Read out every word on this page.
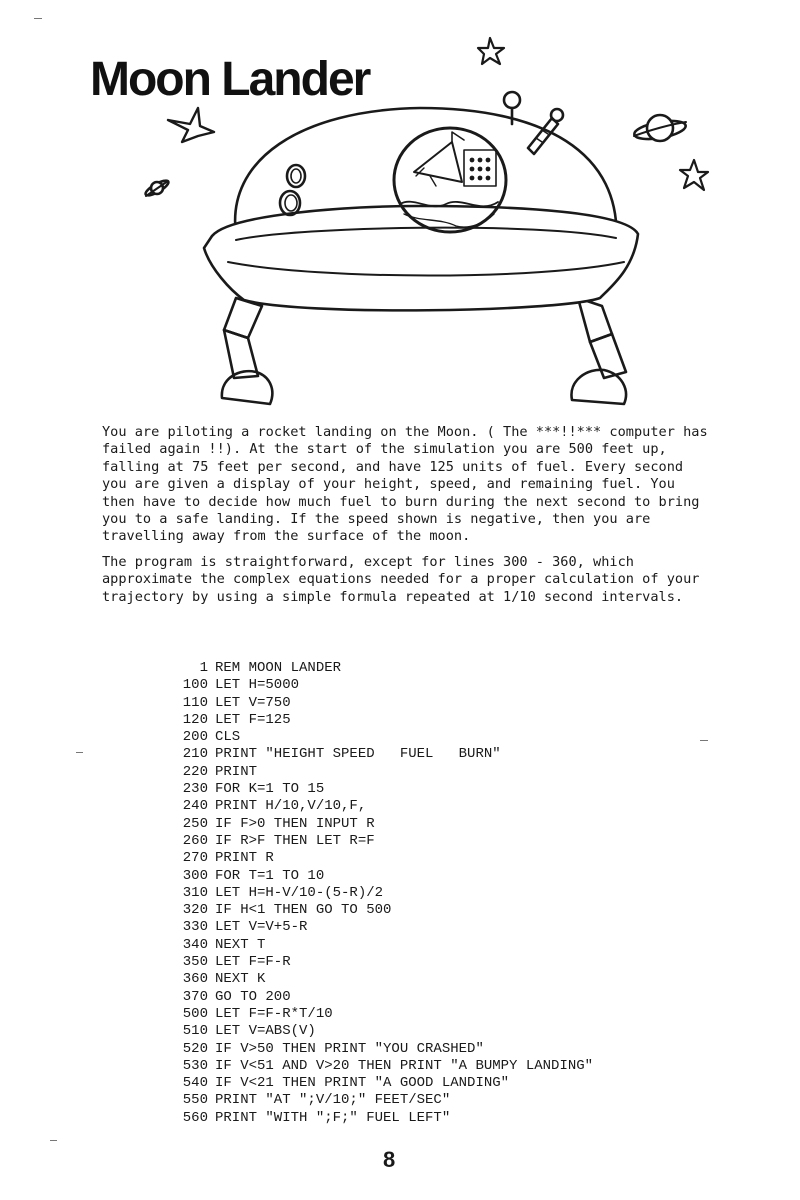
Moon Lander

You are piloting a rocket landing on the Moon. ( The ***!!*** computer has failed again !!). At the start of the simulation you are 500 feet up, falling at 75 feet per second, and have 125 units of fuel. Every second you are given a display of your height, speed, and remaining fuel. You then have to decide how much fuel to burn during the next second to bring you to a safe landing. If the speed shown is negative, then you are travelling away from the surface of the moon.

The program is straightforward, except for lines 300 - 360, which approximate the complex equations needed for a proper calculation of your trajectory by using a simple formula repeated at 1/10 second intervals.

1 REM MOON LANDER
100 LET H=5000
110 LET V=750
120 LET F=125
200 CLS
210 PRINT "HEIGHT SPEED   FUEL   BURN"
220 PRINT
230 FOR K=1 TO 15
240 PRINT H/10,V/10,F,
250 IF F>0 THEN INPUT R
260 IF R>F THEN LET R=F
270 PRINT R
300 FOR T=1 TO 10
310 LET H=H-V/10-(5-R)/2
320 IF H<1 THEN GO TO 500
330 LET V=V+5-R
340 NEXT T
350 LET F=F-R
360 NEXT K
370 GO TO 200
500 LET F=F-R*T/10
510 LET V=ABS(V)
520 IF V>50 THEN PRINT "YOU CRASHED"
530 IF V<51 AND V>20 THEN PRINT "A BUMPY LANDING"
540 IF V<21 THEN PRINT "A GOOD LANDING"
550 PRINT "AT ";V/10;" FEET/SEC"
560 PRINT "WITH ";F;" FUEL LEFT"
8
